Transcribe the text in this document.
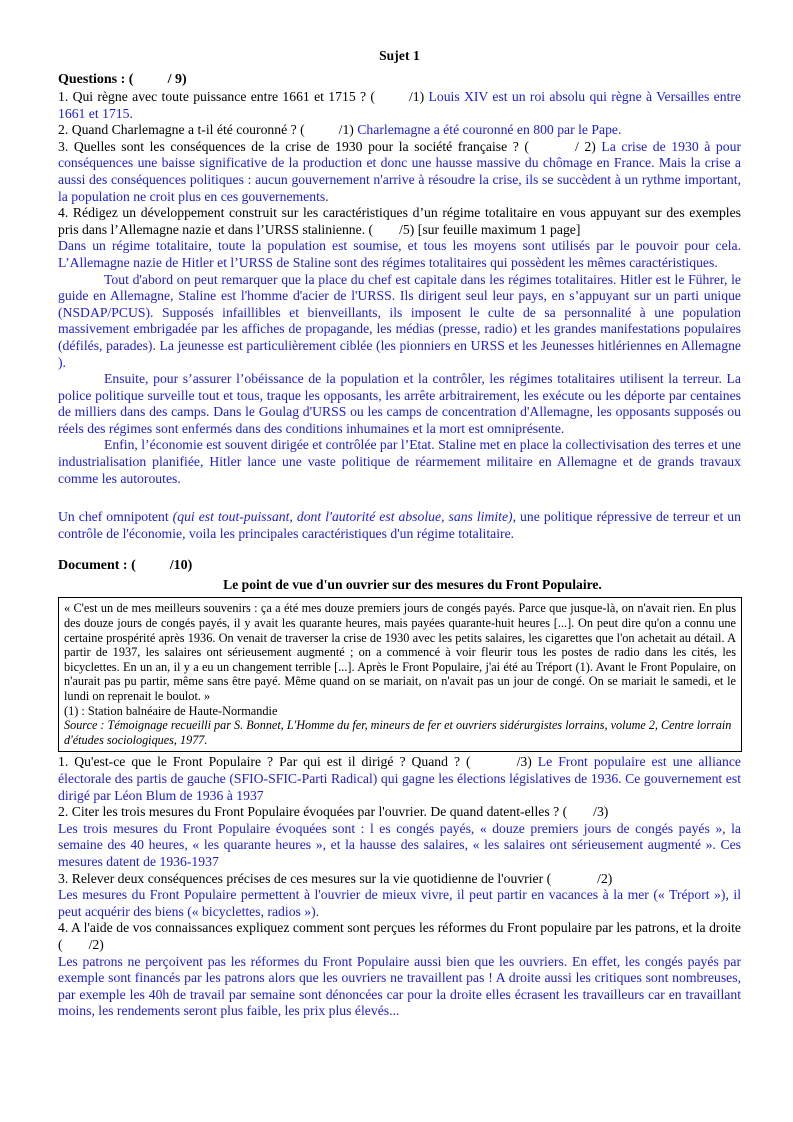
Sujet 1
Questions : ( / 9)

1. Qui règne avec toute puissance entre 1661 et 1715 ? ( /1) Louis XIV est un roi absolu qui règne à Versailles entre 1661 et 1715.

2. Quand Charlemagne a t-il été couronné ? ( /1) Charlemagne a été couronné en 800 par le Pape.

3. Quelles sont les conséquences de la crise de 1930 pour la société française ? (	/ 2) La crise de 1930 à pour conséquences une baisse significative de la production et donc une hausse massive du chômage en France. Mais la crise a aussi des conséquences politiques : aucun gouvernement n'arrive à résoudre la crise, ils se succèdent à un rythme important, la population ne croit plus en ces gouvernements.

4. Rédigez un développement construit sur les caractéristiques d’un régime totalitaire en vous appuyant sur des exemples pris dans l’Allemagne nazie et dans l’URSS stalinienne. ( /5) [sur feuille maximum 1 page]

Dans un régime totalitaire, toute la population est soumise, et tous les moyens sont utilisés par le pouvoir pour cela. L’Allemagne nazie de Hitler et l’URSS de Staline sont des régimes totalitaires qui possèdent les mêmes caractéristiques.

Tout d'abord on peut remarquer que la place du chef est capitale dans les régimes totalitaires. Hitler est le Führer, le guide en Allemagne, Staline est l'homme d'acier de l'URSS. Ils dirigent seul leur pays, en s’appuyant sur un parti unique (NSDAP/PCUS). Supposés infaillibles et bienveillants, ils imposent le culte de sa personnalité à une population massivement embrigadée par les affiches de propagande, les médias (presse, radio) et les grandes manifestations populaires (défilés, parades). La jeunesse est particulièrement ciblée (les pionniers en URSS et les Jeunesses hitlériennes en Allemagne ).

Ensuite, pour s’assurer l’obéissance de la population et la contrôler, les régimes totalitaires utilisent la terreur. La police politique surveille tout et tous, traque les opposants, les arrête arbitrairement, les exécute ou les déporte par centaines de milliers dans des camps. Dans le Goulag d'URSS ou les camps de concentration d'Allemagne, les opposants supposés ou réels des régimes sont enfermés dans des conditions inhumaines et la mort est omniprésente.

Enfin, l’économie est souvent dirigée et contrôlée par l’Etat. Staline met en place la collectivisation des terres et une industrialisation planifiée, Hitler lance une vaste politique de réarmement militaire en Allemagne et de grands travaux comme les autoroutes.

Un chef omnipotent (qui est tout-puissant, dont l'autorité est absolue, sans limite), une politique répressive de terreur et un contrôle de l'économie, voila les principales caractéristiques d'un régime totalitaire.

Document : ( /10)
Le point de vue d'un ouvrier sur des mesures du Front Populaire.

« C'est un de mes meilleurs souvenirs : ça a été mes douze premiers jours de congés payés. Parce que jusque-là, on n'avait rien. En plus des douze jours de congés payés, il y avait les quarante heures, mais payées quarante-huit heures [...]. On peut dire qu'on a connu une certaine prospérité après 1936. On venait de traverser la crise de 1930 avec les petits salaires, les cigarettes que l'on achetait au détail. A partir de 1937, les salaires ont sérieusement augmenté ; on a commencé à voir fleurir tous les postes de radio dans les cités, les bicyclettes. En un an, il y a eu un changement terrible [...]. Après le Front Populaire, j'ai été au Tréport (1). Avant le Front Populaire, on n'aurait pas pu partir, même sans être payé. Même quand on se mariait, on n'avait pas un jour de congé. On se mariait le samedi, et le lundi on reprenait le boulot. »

(1) : Station balnéaire de Haute-Normandie

Source : Témoignage recueilli par S. Bonnet, L'Homme du fer, mineurs de fer et ouvriers sidérurgistes lorrains, volume 2, Centre lorrain d'études sociologiques, 1977.

1. Qu'est-ce que le Front Populaire ? Par qui est il dirigé ? Quand ? (	/3) Le Front populaire est une alliance électorale des partis de gauche (SFIO-SFIC-Parti Radical) qui gagne les élections législatives de 1936. Ce gouvernement est dirigé par Léon Blum de 1936 à 1937

2. Citer les trois mesures du Front Populaire évoquées par l'ouvrier. De quand datent-elles ? ( /3)

Les trois mesures du Front Populaire évoquées sont : l es congés payés, « douze premiers jours de congés payés », la semaine des 40 heures, « les quarante heures », et la hausse des salaires, « les salaires ont sérieusement augmenté ». Ces mesures datent de 1936-1937

3. Relever deux conséquences précises de ces mesures sur la vie quotidienne de l'ouvrier (	/2)

Les mesures du Front Populaire permettent à l'ouvrier de mieux vivre, il peut partir en vacances à la mer (« Tréport »), il peut acquérir des biens (« bicyclettes, radios »).

4. A l'aide de vos connaissances expliquez comment sont perçues les réformes du Front populaire par les patrons, et la droite ( /2)

Les patrons ne perçoivent pas les réformes du Front Populaire aussi bien que les ouvriers. En effet, les congés payés par exemple sont financés par les patrons alors que les ouvriers ne travaillent pas ! A droite aussi les critiques sont nombreuses, par exemple les 40h de travail par semaine sont dénoncées car pour la droite elles écrasent les travailleurs car en travaillant moins, les rendements seront plus faible, les prix plus élevés...
